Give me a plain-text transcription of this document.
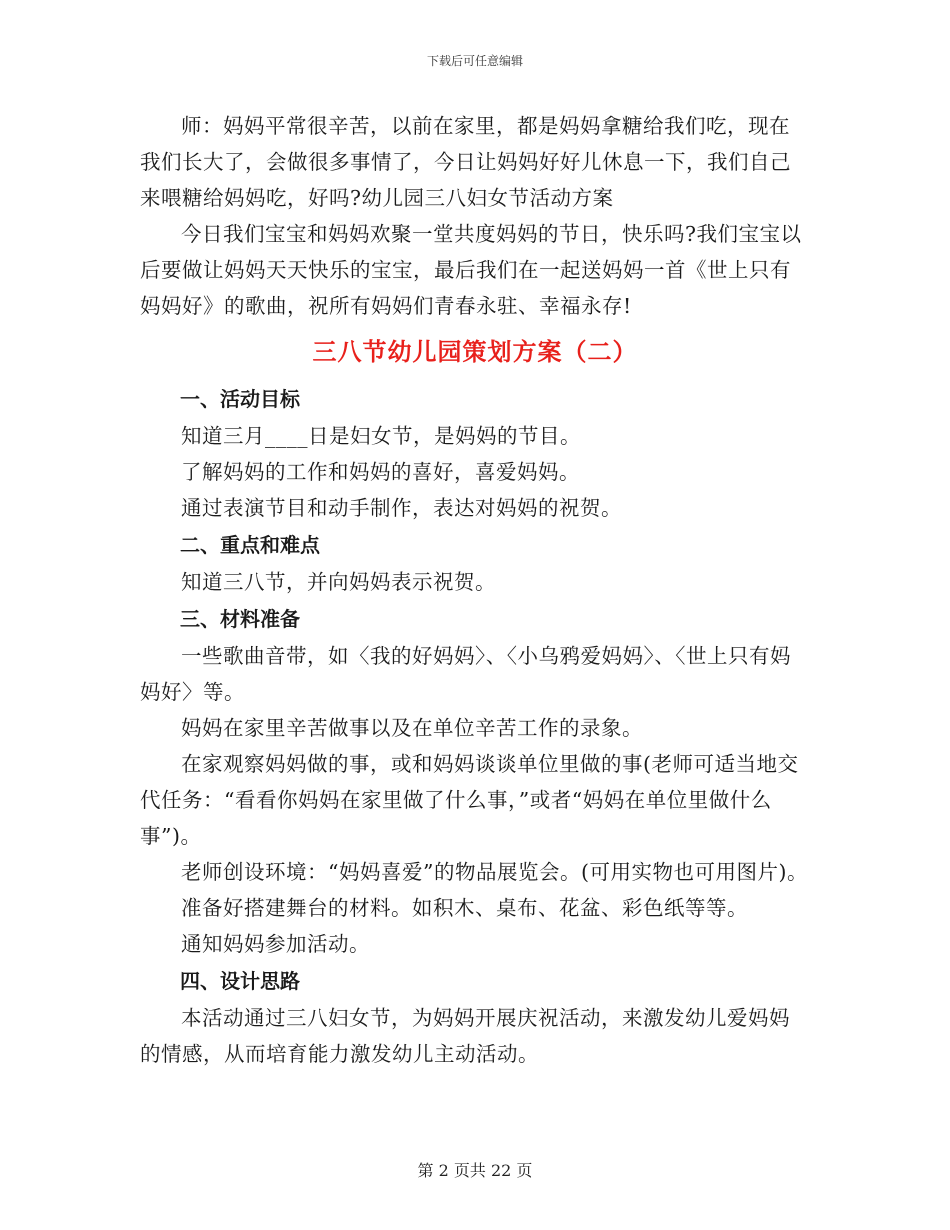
下载后可任意编辑

师：妈妈平常很辛苦，以前在家里，都是妈妈拿糖给我们吃，现在我们长大了，会做很多事情了，今日让妈妈好好儿休息一下，我们自己来喂糖给妈妈吃，好吗?幼儿园三八妇女节活动方案

今日我们宝宝和妈妈欢聚一堂共度妈妈的节日，快乐吗?我们宝宝以后要做让妈妈天天快乐的宝宝，最后我们在一起送妈妈一首《世上只有妈妈好》的歌曲，祝所有妈妈们青春永驻、幸福永存!

三八节幼儿园策划方案（二）
一、活动目标

知道三月____日是妇女节，是妈妈的节目。

了解妈妈的工作和妈妈的喜好，喜爱妈妈。

通过表演节目和动手制作，表达对妈妈的祝贺。

二、重点和难点

知道三八节，并向妈妈表示祝贺。

三、材料准备

一些歌曲音带，如〈我的好妈妈〉、〈小乌鸦爱妈妈〉、〈世上只有妈妈好〉等。

妈妈在家里辛苦做事以及在单位辛苦工作的录象。

在家观察妈妈做的事，或和妈妈谈谈单位里做的事(老师可适当地交代任务：“看看你妈妈在家里做了什么事，”或者“妈妈在单位里做什么事”)。

老师创设环境：“妈妈喜爱”的物品展览会。(可用实物也可用图片)。

准备好搭建舞台的材料。如积木、桌布、花盆、彩色纸等等。

通知妈妈参加活动。

四、设计思路

本活动通过三八妇女节，为妈妈开展庆祝活动，来激发幼儿爱妈妈的情感，从而培育能力激发幼儿主动活动。

第 2 页共 22 页
